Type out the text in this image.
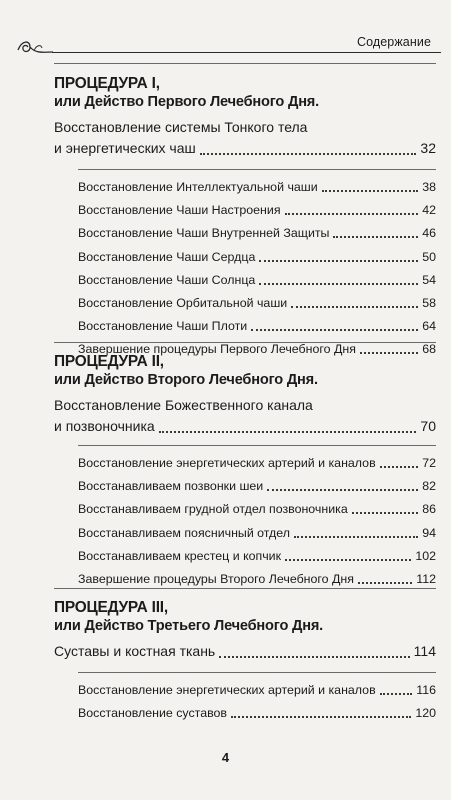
Содержание
ПРОЦЕДУРА I,
или Действо Первого Лечебного Дня.
Восстановление системы Тонкого тела
и энергетических чаш	32
Восстановление Интеллектуальной чаши	38
Восстановление Чаши Настроения	42
Восстановление Чаши Внутренней Защиты	46
Восстановление Чаши Сердца	50
Восстановление Чаши Солнца	54
Восстановление Орбитальной чаши	58
Восстановление Чаши Плоти	64
Завершение процедуры Первого Лечебного Дня	68
ПРОЦЕДУРА II,
или Действо Второго Лечебного Дня.
Восстановление Божественного канала
и позвоночника	70
Восстановление энергетических артерий и каналов	72
Восстанавливаем позвонки шеи	82
Восстанавливаем грудной отдел позвоночника	86
Восстанавливаем поясничный отдел	94
Восстанавливаем крестец и копчик	102
Завершение процедуры Второго Лечебного Дня	112
ПРОЦЕДУРА III,
или Действо Третьего Лечебного Дня.
Суставы и костная ткань	114
Восстановление энергетических артерий и каналов	116
Восстановление суставов	120
4
